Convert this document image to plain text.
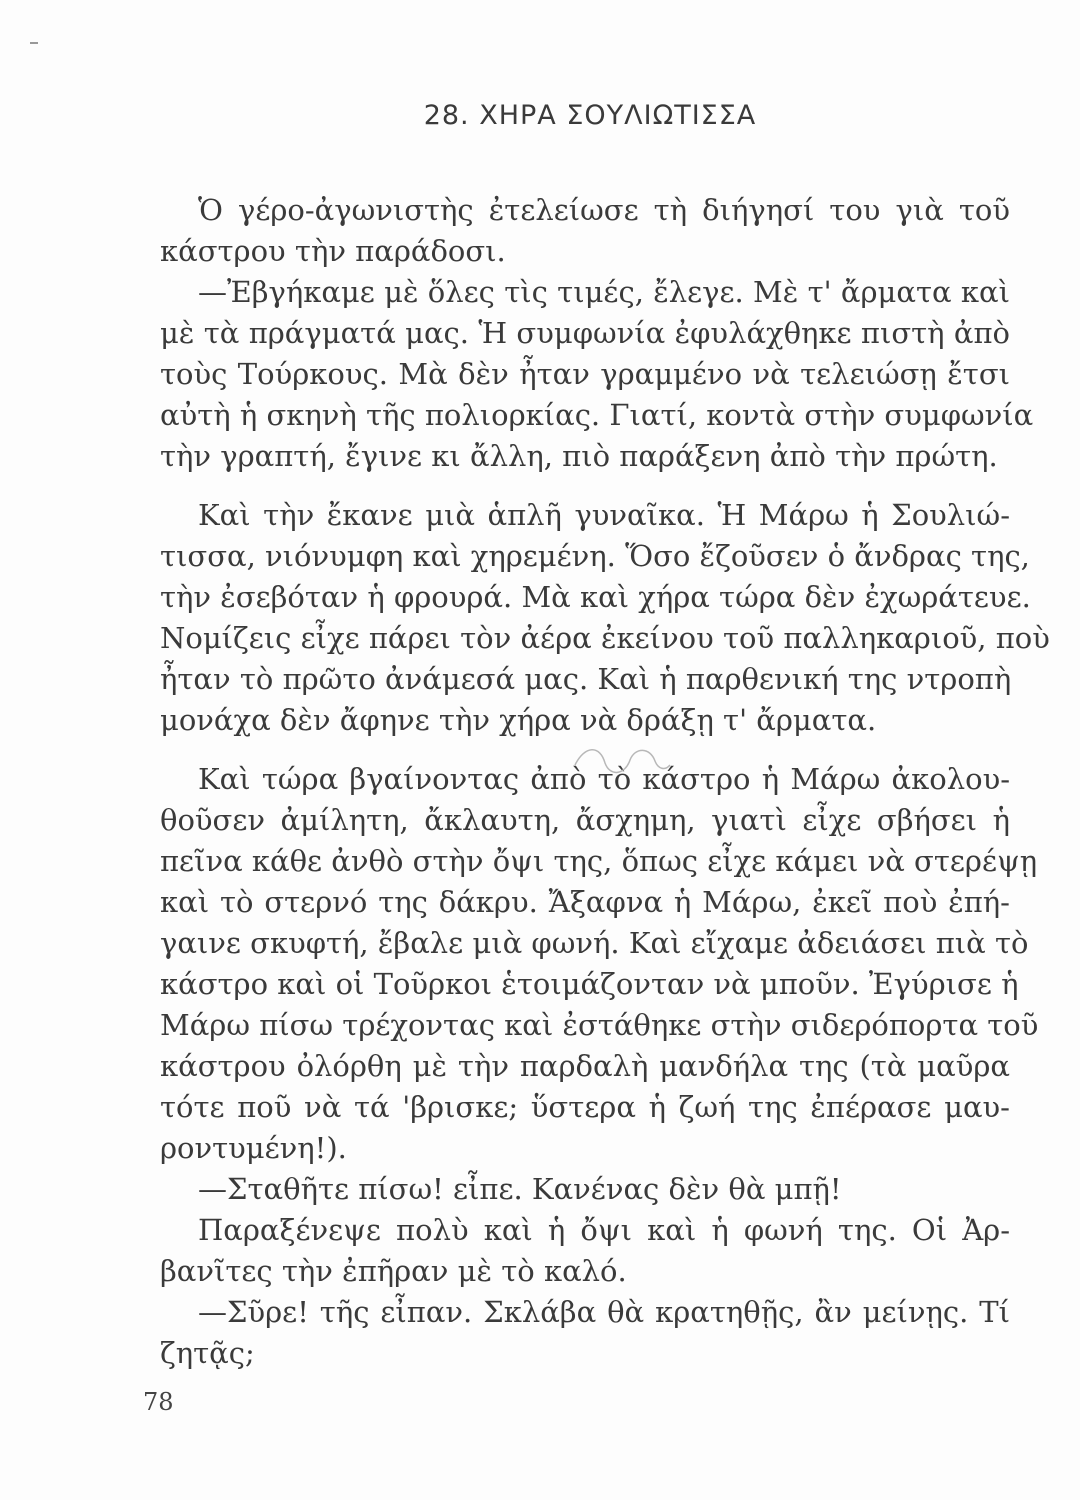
28. ΧΗΡΑ ΣΟΥΛΙΩΤΙΣΣΑ
Ὁ γέρο-ἀγωνιστὴς ἐτελείωσε τὴ διήγησί του γιὰ τοῦ
κάστρου τὴν παράδοσι.
—Ἐβγήκαμε μὲ ὅλες τὶς τιμές, ἔλεγε. Μὲ τ' ἄρματα καὶ
μὲ τὰ πράγματά μας. Ἡ συμφωνία ἐφυλάχθηκε πιστὴ ἀπὸ
τοὺς Τούρκους. Μὰ δὲν ἦταν γραμμένο νὰ τελειώσῃ ἔτσι
αὐτὴ ἡ σκηνὴ τῆς πολιορκίας. Γιατί, κοντὰ στὴν συμφωνία
τὴν γραπτή, ἔγινε κι ἄλλη, πιὸ παράξενη ἀπὸ τὴν πρώτη.
Καὶ τὴν ἔκανε μιὰ ἁπλῆ γυναῖκα. Ἡ Μάρω ἡ Σουλιώ-
τισσα, νιόνυμφη καὶ χηρεμένη. Ὅσο ἔζοῦσεν ὁ ἄνδρας της,
τὴν ἐσεβόταν ἡ φρουρά. Μὰ καὶ χήρα τώρα δὲν ἐχωράτευε.
Νομίζεις εἶχε πάρει τὸν ἀέρα ἐκείνου τοῦ παλληκαριοῦ, ποὺ
ἦταν τὸ πρῶτο ἀνάμεσά μας. Καὶ ἡ παρθενική της ντροπὴ
μονάχα δὲν ἄφηνε τὴν χήρα νὰ δράξῃ τ' ἄρματα.
Καὶ τώρα βγαίνοντας ἀπὸ τὸ κάστρο ἡ Μάρω ἀκολου-
θοῦσεν ἀμίλητη, ἄκλαυτη, ἄσχημη, γιατὶ εἶχε σβήσει ἡ
πεῖνα κάθε ἀνθὸ στὴν ὄψι της, ὅπως εἶχε κάμει νὰ στερέψῃ
καὶ τὸ στερνό της δάκρυ. Ἄξαφνα ἡ Μάρω, ἐκεῖ ποὺ ἐπή-
γαινε σκυφτή, ἔβαλε μιὰ φωνή. Καὶ εἴχαμε ἀδειάσει πιὰ τὸ
κάστρο καὶ οἱ Τοῦρκοι ἑτοιμάζονταν νὰ μποῦν. Ἐγύρισε ἡ
Μάρω πίσω τρέχοντας καὶ ἐστάθηκε στὴν σιδερόπορτα τοῦ
κάστρου ὀλόρθη μὲ τὴν παρδαλὴ μανδήλα της (τὰ μαῦρα
τότε ποῦ νὰ τά 'βρισκε; ὕστερα ἡ ζωή της ἐπέρασε μαυ-
ροντυμένη!).
—Σταθῆτε πίσω! εἶπε. Κανένας δὲν θὰ μπῇ!
Παραξένεψε πολὺ καὶ ἡ ὄψι καὶ ἡ φωνή της. Οἱ Ἀρ-
βανῖτες τὴν ἐπῆραν μὲ τὸ καλό.
—Σῦρε! τῆς εἶπαν. Σκλάβα θὰ κρατηθῇς, ἂν μείνῃς. Τί
ζητᾷς;
78
